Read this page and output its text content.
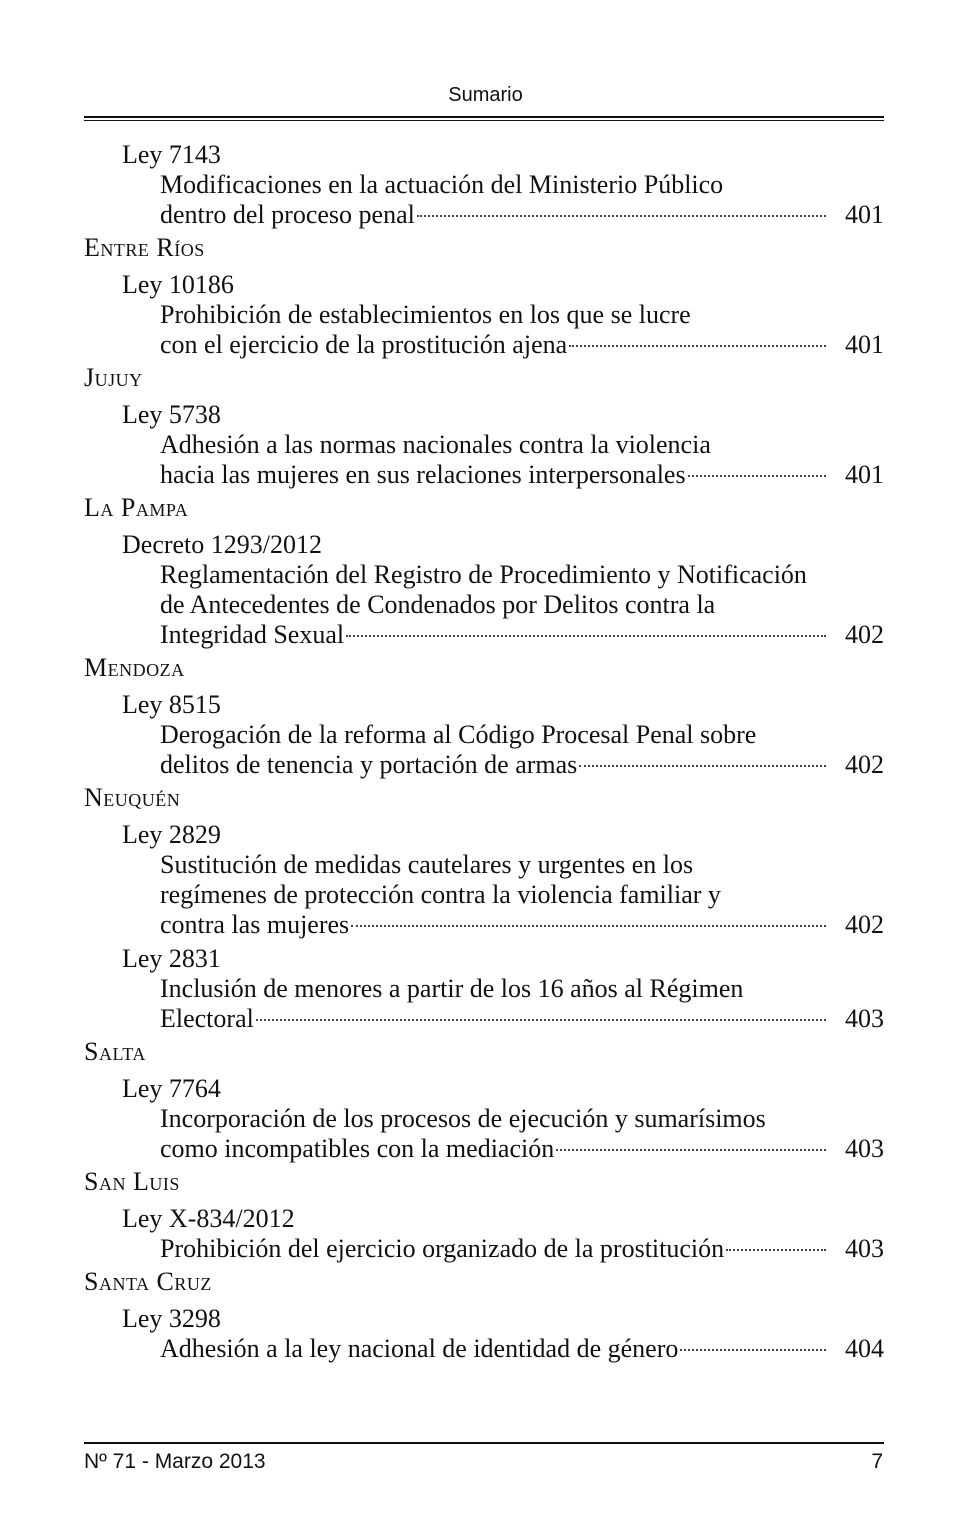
Sumario
Ley 7143
Modificaciones en la actuación del Ministerio Público
dentro del proceso penal	401
Entre Ríos
Ley 10186
Prohibición de establecimientos en los que se lucre
con el ejercicio de la prostitución ajena	401
Jujuy
Ley 5738
Adhesión a las normas nacionales contra la violencia
hacia las mujeres en sus relaciones interpersonales	401
La Pampa
Decreto 1293/2012
Reglamentación del Registro de Procedimiento y Notificación
de Antecedentes de Condenados por Delitos contra la
Integridad Sexual	402
Mendoza
Ley 8515
Derogación de la reforma al Código Procesal Penal sobre
delitos de tenencia y portación de armas	402
Neuquén
Ley 2829
Sustitución de medidas cautelares y urgentes en los
regímenes de protección contra la violencia familiar y
contra las mujeres	402
Ley 2831
Inclusión de menores a partir de los 16 años al Régimen
Electoral	403
Salta
Ley 7764
Incorporación de los procesos de ejecución y sumarísimos
como incompatibles con la mediación	403
San Luis
Ley X-834/2012
Prohibición del ejercicio organizado de la prostitución	403
Santa Cruz
Ley 3298
Adhesión a la ley nacional de identidad de género	404
Nº 71 - Marzo 2013	7
